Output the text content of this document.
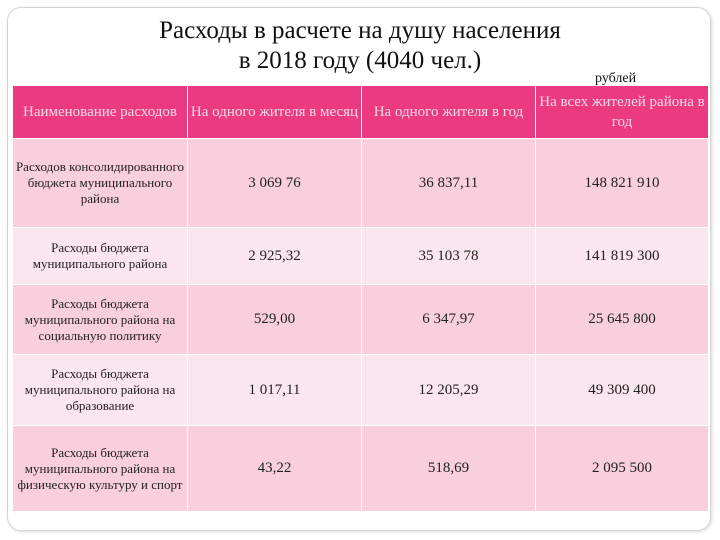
Расходы в расчете на душу населения
в 2018 году (4040 чел.)
рублей
Наименование расходов	На одного жителя в месяц	На одного жителя в год	На всех жителей района в год
Расходов консолидированного бюджета муниципального района	3 069 76	36 837,11	148 821 910
Расходы бюджета муниципального района	2 925,32	35 103 78	141 819 300
Расходы бюджета муниципального района на социальную политику	529,00	6 347,97	25 645 800
Расходы бюджета муниципального района на образование	1 017,11	12 205,29	49 309 400
Расходы бюджета муниципального района на физическую культуру и спорт	43,22	518,69	2 095 500
